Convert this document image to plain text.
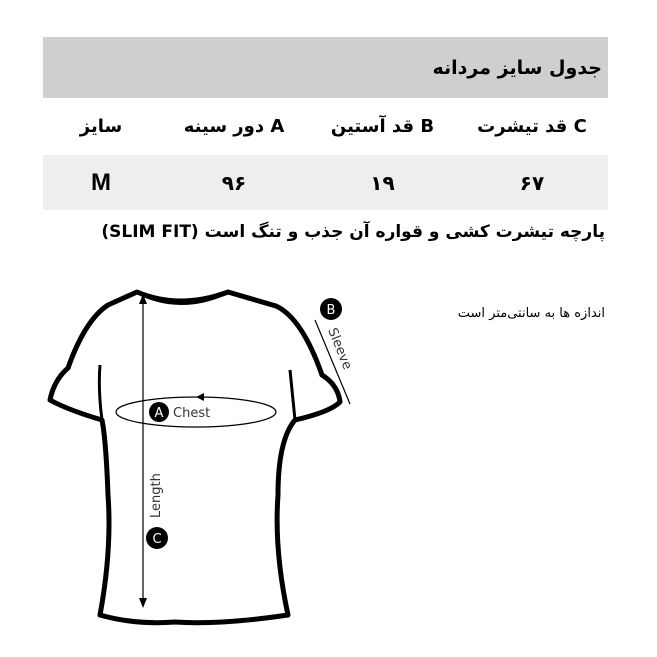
جدول سایز مردانه
C قد تیشرت
B قد آستین
A دور سینه
سایز
۶۷
۱۹
۹۶
M
پارچه تیشرت کشی و قواره آن جذب و تنگ است (SLIM FIT)
اندازه ها به سانتی‌متر است
A Chest
B
Sleeve
C
Length
